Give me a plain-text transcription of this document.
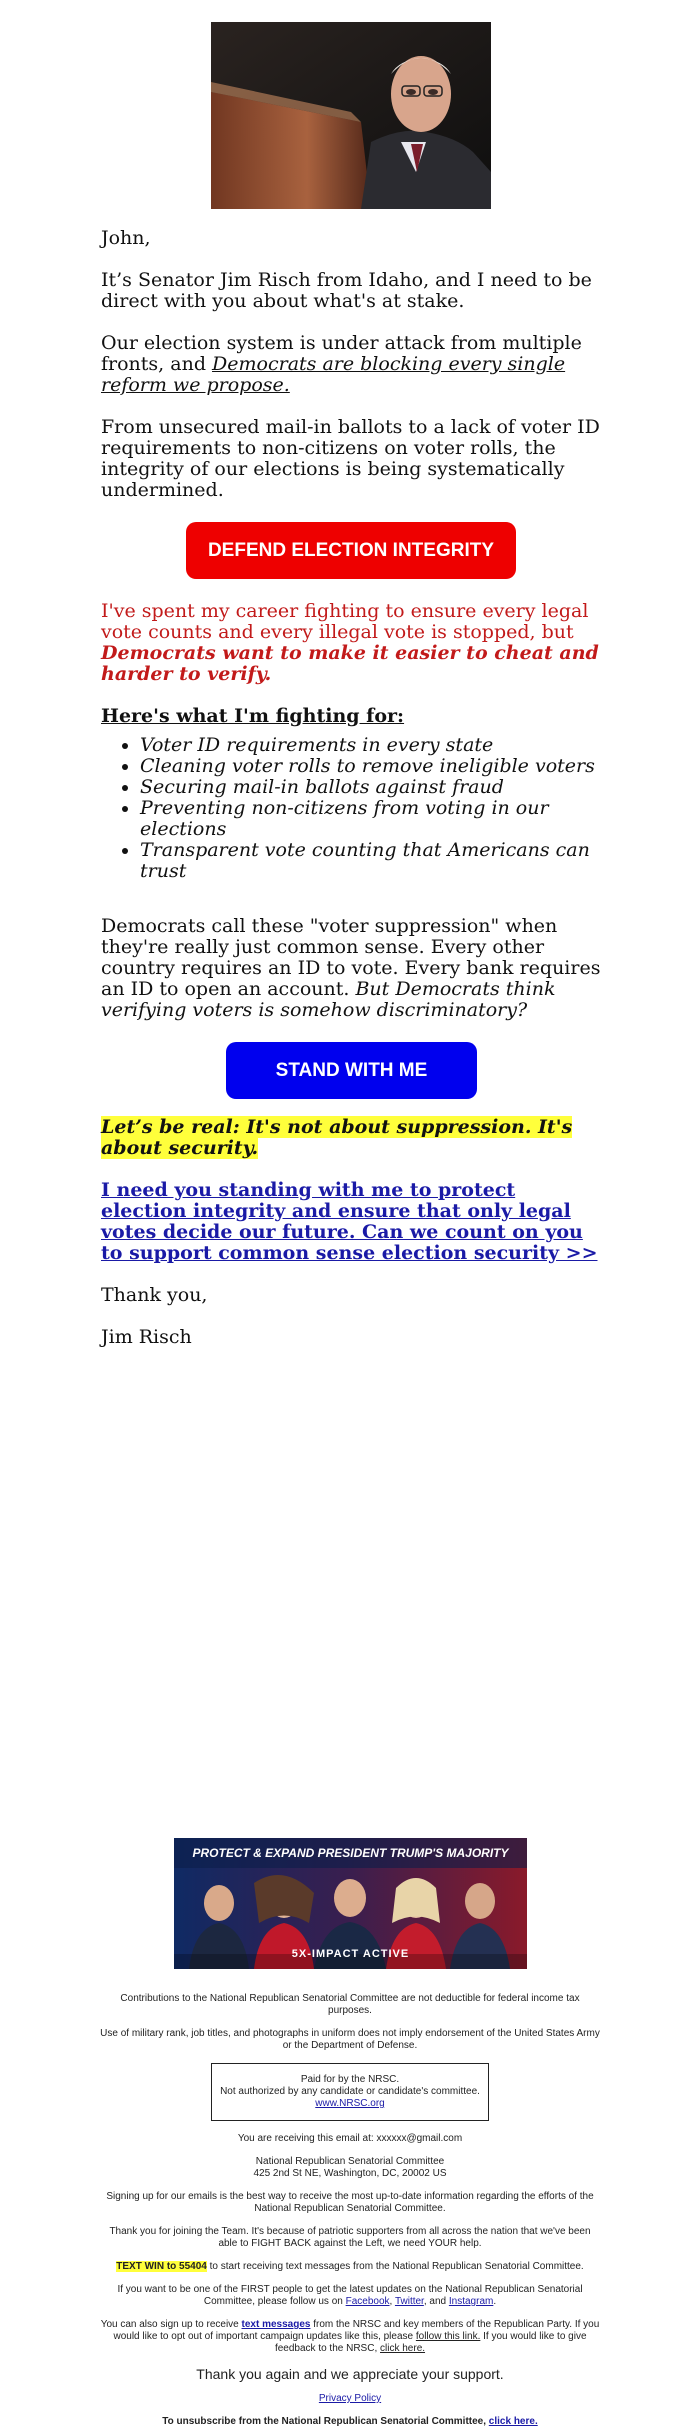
John,

It’s Senator Jim Risch from Idaho, and I need to be direct with you about what's at stake.

Our election system is under attack from multiple fronts, and Democrats are blocking every single reform we propose.

From unsecured mail-in ballots to a lack of voter ID requirements to non-citizens on voter rolls, the integrity of our elections is being systematically undermined.

DEFEND ELECTION INTEGRITY

I've spent my career fighting to ensure every legal vote counts and every illegal vote is stopped, but Democrats want to make it easier to cheat and harder to verify.

Here's what I'm fighting for:

• Voter ID requirements in every state
• Cleaning voter rolls to remove ineligible voters
• Securing mail-in ballots against fraud
• Preventing non-citizens from voting in our elections
• Transparent vote counting that Americans can trust

Democrats call these "voter suppression" when they're really just common sense. Every other country requires an ID to vote. Every bank requires an ID to open an account. But Democrats think verifying voters is somehow discriminatory?

STAND WITH ME

Let’s be real: It's not about suppression. It's about security.

I need you standing with me to protect election integrity and ensure that only legal votes decide our future. Can we count on you to support common sense election security >>

Thank you,

Jim Risch

PROTECT & EXPAND PRESIDENT TRUMP'S MAJORITY
5X-IMPACT ACTIVE

Contributions to the National Republican Senatorial Committee are not deductible for federal income tax purposes.

Use of military rank, job titles, and photographs in uniform does not imply endorsement of the United States Army or the Department of Defense.

Paid for by the NRSC.
Not authorized by any candidate or candidate's committee.
www.NRSC.org

You are receiving this email at: xxxxxx@gmail.com

National Republican Senatorial Committee
425 2nd St NE, Washington, DC, 20002 US

Signing up for our emails is the best way to receive the most up-to-date information regarding the efforts of the National Republican Senatorial Committee.

Thank you for joining the Team. It's because of patriotic supporters from all across the nation that we've been able to FIGHT BACK against the Left, we need YOUR help.

TEXT WIN to 55404 to start receiving text messages from the National Republican Senatorial Committee.

If you want to be one of the FIRST people to get the latest updates on the National Republican Senatorial Committee, please follow us on Facebook, Twitter, and Instagram.

You can also sign up to receive text messages from the NRSC and key members of the Republican Party. If you would like to opt out of important campaign updates like this, please follow this link. If you would like to give feedback to the NRSC, click here.

Thank you again and we appreciate your support.

Privacy Policy

To unsubscribe from the National Republican Senatorial Committee, click here.
